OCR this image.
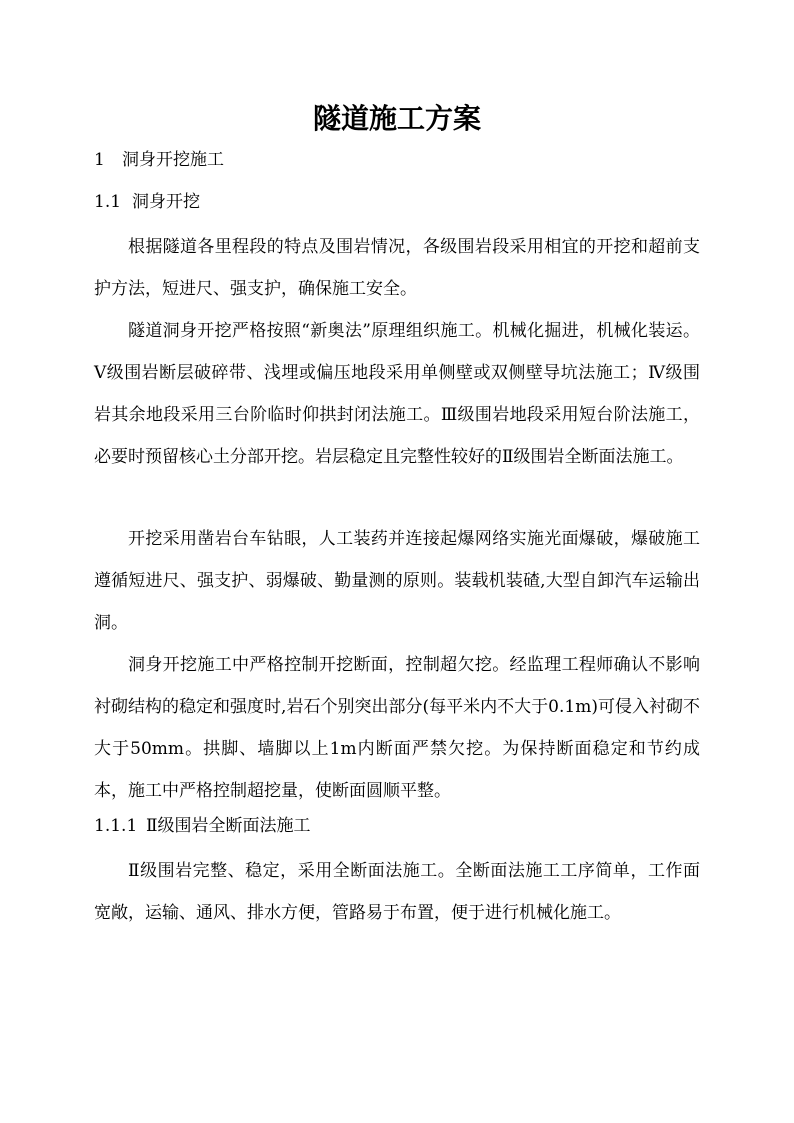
隧道施工方案
1 洞身开挖施工
1.1 洞身开挖

根据隧道各里程段的特点及围岩情况，各级围岩段采用相宜的开挖和超前支护方法，短进尺、强支护，确保施工安全。

隧道洞身开挖严格按照“新奥法”原理组织施工。机械化掘进，机械化装运。Ⅴ级围岩断层破碎带、浅埋或偏压地段采用单侧壁或双侧壁导坑法施工；Ⅳ级围岩其余地段采用三台阶临时仰拱封闭法施工。Ⅲ级围岩地段采用短台阶法施工，必要时预留核心土分部开挖。岩层稳定且完整性较好的Ⅱ级围岩全断面法施工。

开挖采用凿岩台车钻眼，人工装药并连接起爆网络实施光面爆破，爆破施工遵循短进尺、强支护、弱爆破、勤量测的原则。装载机装碴,大型自卸汽车运输出洞。

洞身开挖施工中严格控制开挖断面，控制超欠挖。经监理工程师确认不影响衬砌结构的稳定和强度时,岩石个别突出部分(每平米内不大于0.1m)可侵入衬砌不大于50mm。拱脚、墙脚以上1m内断面严禁欠挖。为保持断面稳定和节约成本，施工中严格控制超挖量，使断面圆顺平整。

1.1.1 Ⅱ级围岩全断面法施工

Ⅱ级围岩完整、稳定，采用全断面法施工。全断面法施工工序简单，工作面宽敞，运输、通风、排水方便，管路易于布置，便于进行机械化施工。
